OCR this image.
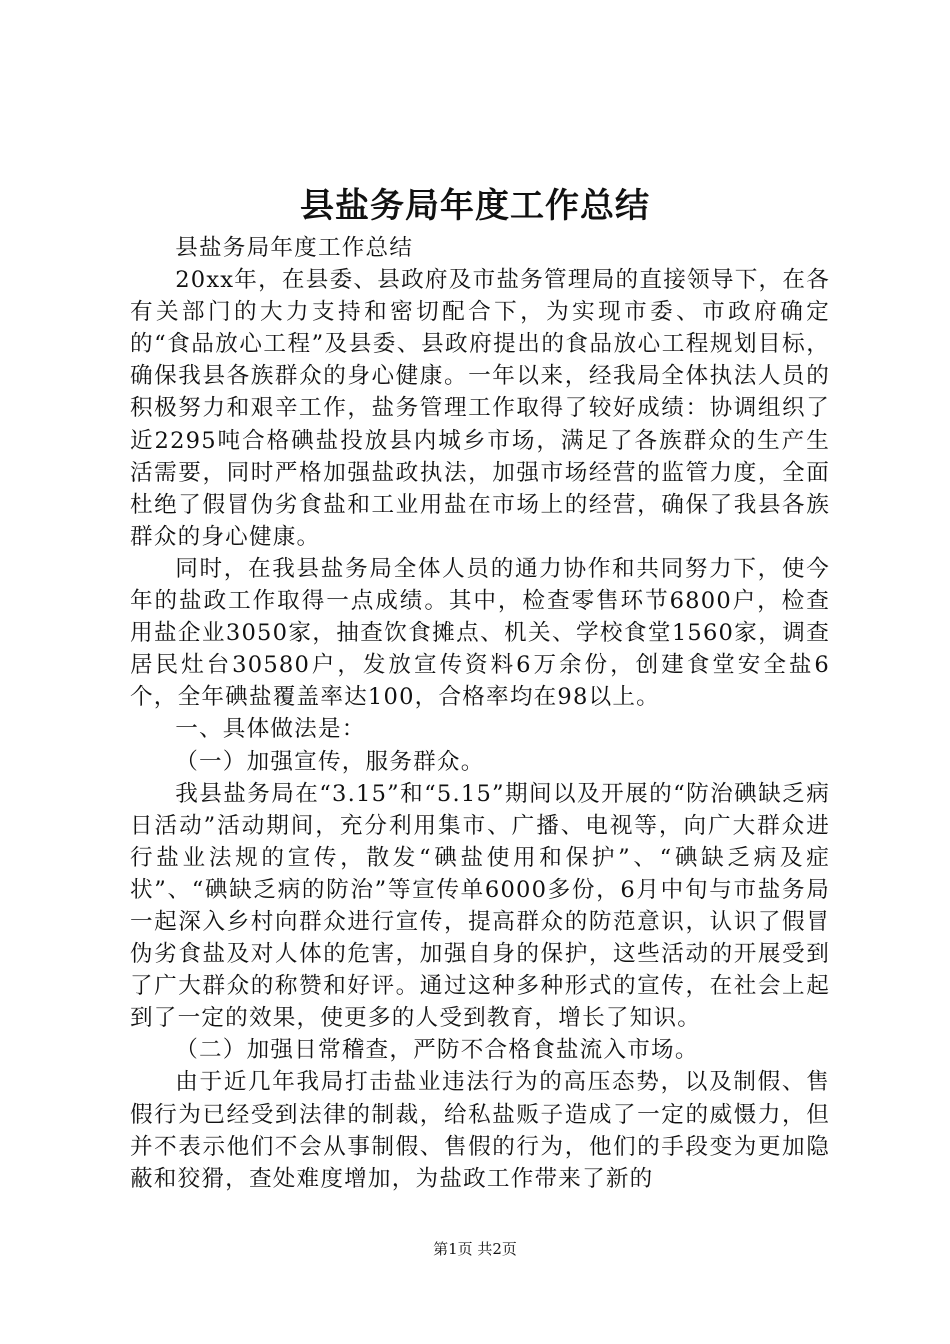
县盐务局年度工作总结

县盐务局年度工作总结

20xx年，在县委、县政府及市盐务管理局的直接领导下，在各有关部门的大力支持和密切配合下，为实现市委、市政府确定的“食品放心工程”及县委、县政府提出的食品放心工程规划目标，确保我县各族群众的身心健康。一年以来，经我局全体执法人员的积极努力和艰辛工作，盐务管理工作取得了较好成绩：协调组织了近2295吨合格碘盐投放县内城乡市场，满足了各族群众的生产生活需要，同时严格加强盐政执法，加强市场经营的监管力度，全面杜绝了假冒伪劣食盐和工业用盐在市场上的经营，确保了我县各族群众的身心健康。

同时，在我县盐务局全体人员的通力协作和共同努力下，使今年的盐政工作取得一点成绩。其中，检查零售环节6800户，检查用盐企业3050家，抽查饮食摊点、机关、学校食堂1560家，调查居民灶台30580户，发放宣传资料6万余份，创建食堂安全盐6个，全年碘盐覆盖率达100，合格率均在98以上。

一、具体做法是：

（一）加强宣传，服务群众。

我县盐务局在“3.15”和“5.15”期间以及开展的“防治碘缺乏病日活动”活动期间，充分利用集市、广播、电视等，向广大群众进行盐业法规的宣传，散发“碘盐使用和保护”、“碘缺乏病及症状”、“碘缺乏病的防治”等宣传单6000多份，6月中旬与市盐务局一起深入乡村向群众进行宣传，提高群众的防范意识，认识了假冒伪劣食盐及对人体的危害，加强自身的保护，这些活动的开展受到了广大群众的称赞和好评。通过这种多种形式的宣传，在社会上起到了一定的效果，使更多的人受到教育，增长了知识。

（二）加强日常稽查，严防不合格食盐流入市场。

由于近几年我局打击盐业违法行为的高压态势，以及制假、售假行为已经受到法律的制裁，给私盐贩子造成了一定的威慑力，但并不表示他们不会从事制假、售假的行为，他们的手段变为更加隐蔽和狡猾，查处难度增加，为盐政工作带来了新的

第1页 共2页
